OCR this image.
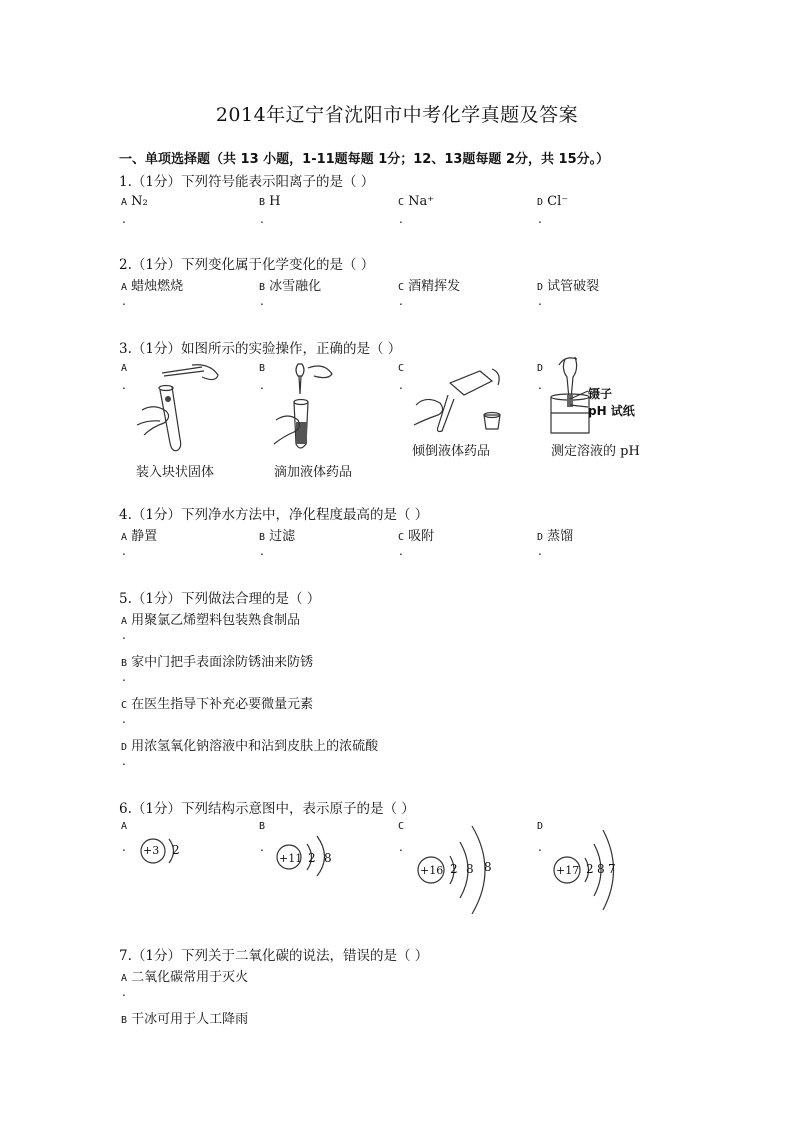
2014年辽宁省沈阳市中考化学真题及答案
一、单项选择题（共 13 小题，1-11题每题 1分；12、13题每题 2分，共 15分。）
1.（1分）下列符号能表示阳离子的是（ ）
A N₂	B H	C Na⁺	D Cl⁻
.	.	.	.
2.（1分）下列变化属于化学变化的是（ ）
A 蜡烛燃烧	B 冰雪融化	C 酒精挥发	D 试管破裂
.	.	.	.
3.（1分）如图所示的实验操作，正确的是（ ）
A	B	C	D
.	.	.	.
装入块状固体	滴加液体药品
倾倒液体药品
镊子
pH 试纸
测定溶液的 pH
4.（1分）下列净水方法中，净化程度最高的是（ ）
A 静置	B 过滤	C 吸附	D 蒸馏
.	.	.	.
5.（1分）下列做法合理的是（ ）
A 用聚氯乙烯塑料包装熟食制品
.
B 家中门把手表面涂防锈油来防锈
.
C 在医生指导下补充必要微量元素
.
D 用浓氢氧化钠溶液中和沾到皮肤上的浓硫酸
.
6.（1分）下列结构示意图中，表示原子的是（ ）
A	B	C	D
.	.	.	.
+3 2
+11 2 8
+16 2 8 8	+17 2 8 7
7.（1分）下列关于二氧化碳的说法，错误的是（ ）
A 二氧化碳常用于灭火
.
B 干冰可用于人工降雨
